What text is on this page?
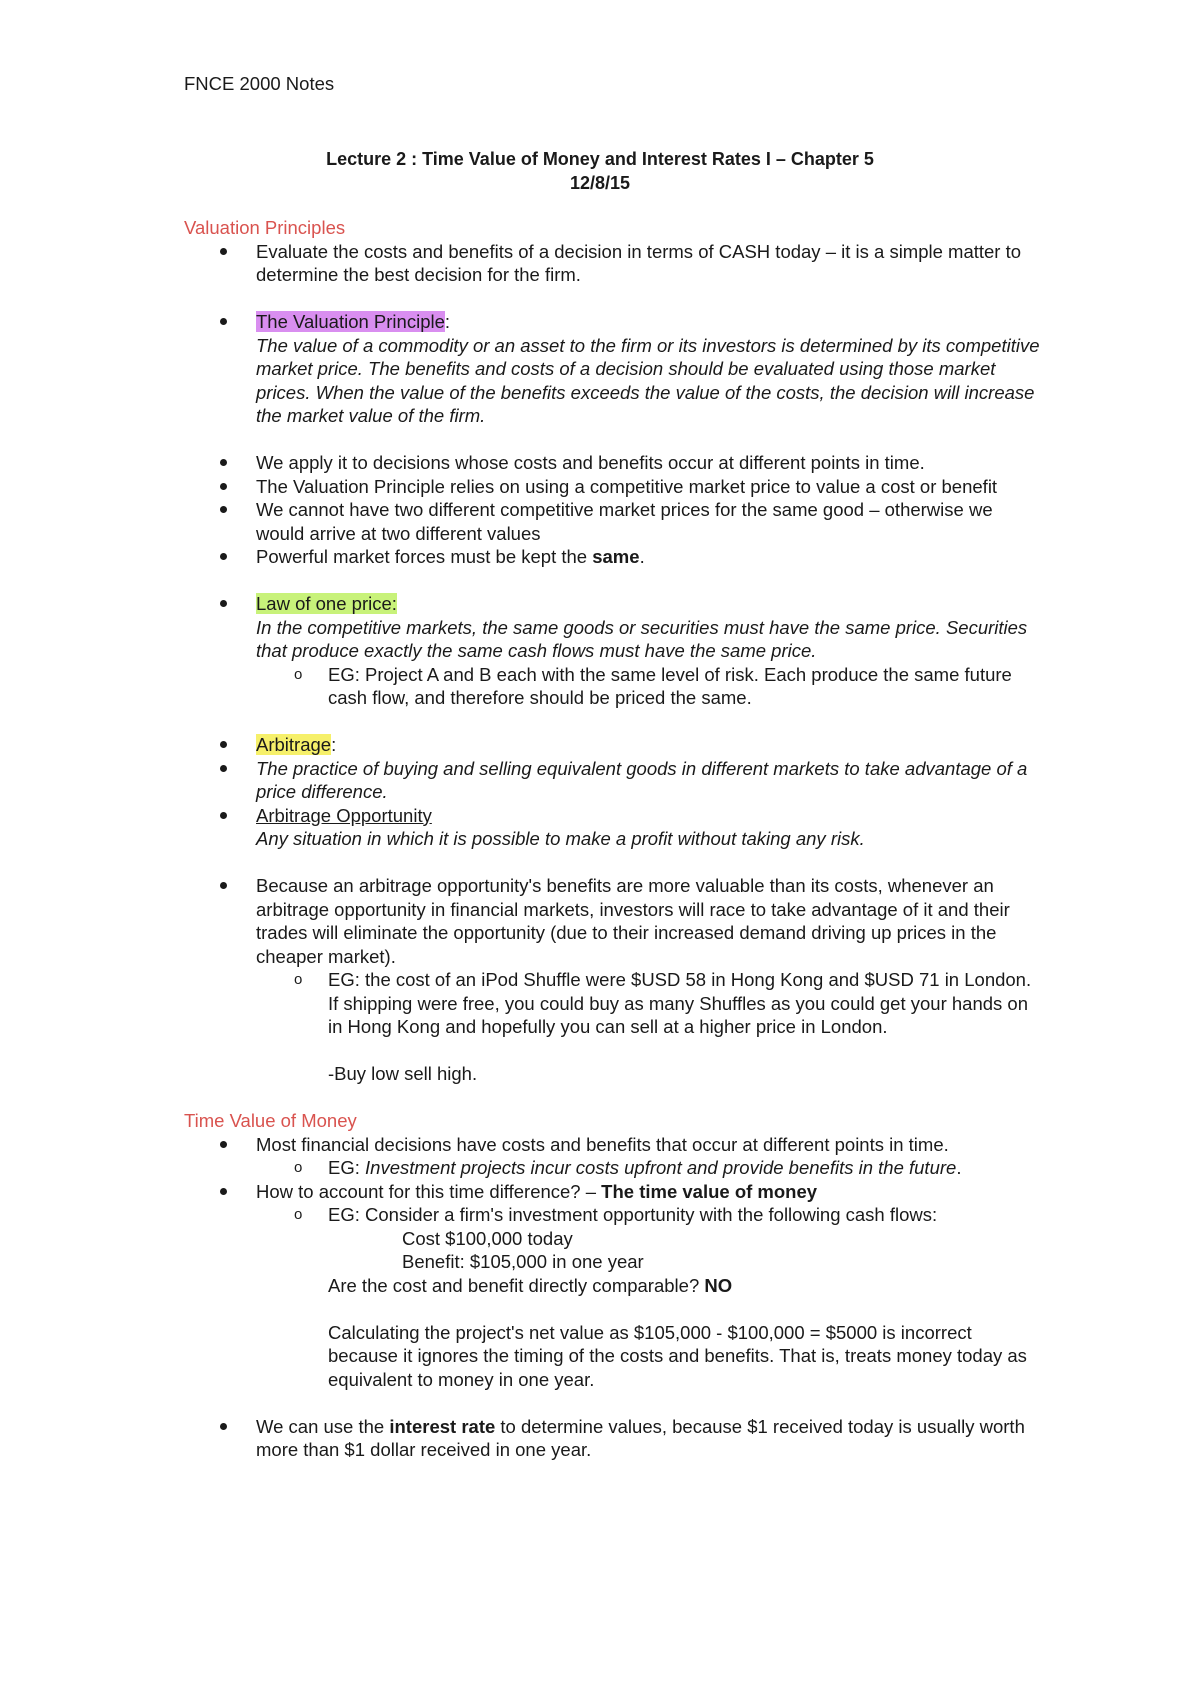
FNCE 2000 Notes
Lecture 2 : Time Value of Money and Interest Rates I – Chapter 5
12/8/15

Valuation Principles

Evaluate the costs and benefits of a decision in terms of CASH today – it is a simple matter to determine the best decision for the firm.
The Valuation Principle:
The value of a commodity or an asset to the firm or its investors is determined by its competitive market price. The benefits and costs of a decision should be evaluated using those market prices. When the value of the benefits exceeds the value of the costs, the decision will increase the market value of the firm.
We apply it to decisions whose costs and benefits occur at different points in time.
The Valuation Principle relies on using a competitive market price to value a cost or benefit
We cannot have two different competitive market prices for the same good – otherwise we would arrive at two different values
Powerful market forces must be kept the same.
Law of one price:
In the competitive markets, the same goods or securities must have the same price. Securities that produce exactly the same cash flows must have the same price.
o EG: Project A and B each with the same level of risk. Each produce the same future cash flow, and therefore should be priced the same.
Arbitrage:
The practice of buying and selling equivalent goods in different markets to take advantage of a price difference.
Arbitrage Opportunity
Any situation in which it is possible to make a profit without taking any risk.
Because an arbitrage opportunity's benefits are more valuable than its costs, whenever an arbitrage opportunity in financial markets, investors will race to take advantage of it and their trades will eliminate the opportunity (due to their increased demand driving up prices in the cheaper market).
o EG: the cost of an iPod Shuffle were $USD 58 in Hong Kong and $USD 71 in London. If shipping were free, you could buy as many Shuffles as you could get your hands on in Hong Kong and hopefully you can sell at a higher price in London.
-Buy low sell high.

Time Value of Money

Most financial decisions have costs and benefits that occur at different points in time.
o EG: Investment projects incur costs upfront and provide benefits in the future.
How to account for this time difference? – The time value of money
o EG: Consider a firm's investment opportunity with the following cash flows:
Cost $100,000 today
Benefit: $105,000 in one year
Are the cost and benefit directly comparable? NO
Calculating the project's net value as $105,000 - $100,000 = $5000 is incorrect because it ignores the timing of the costs and benefits. That is, treats money today as equivalent to money in one year.
We can use the interest rate to determine values, because $1 received today is usually worth more than $1 dollar received in one year.
